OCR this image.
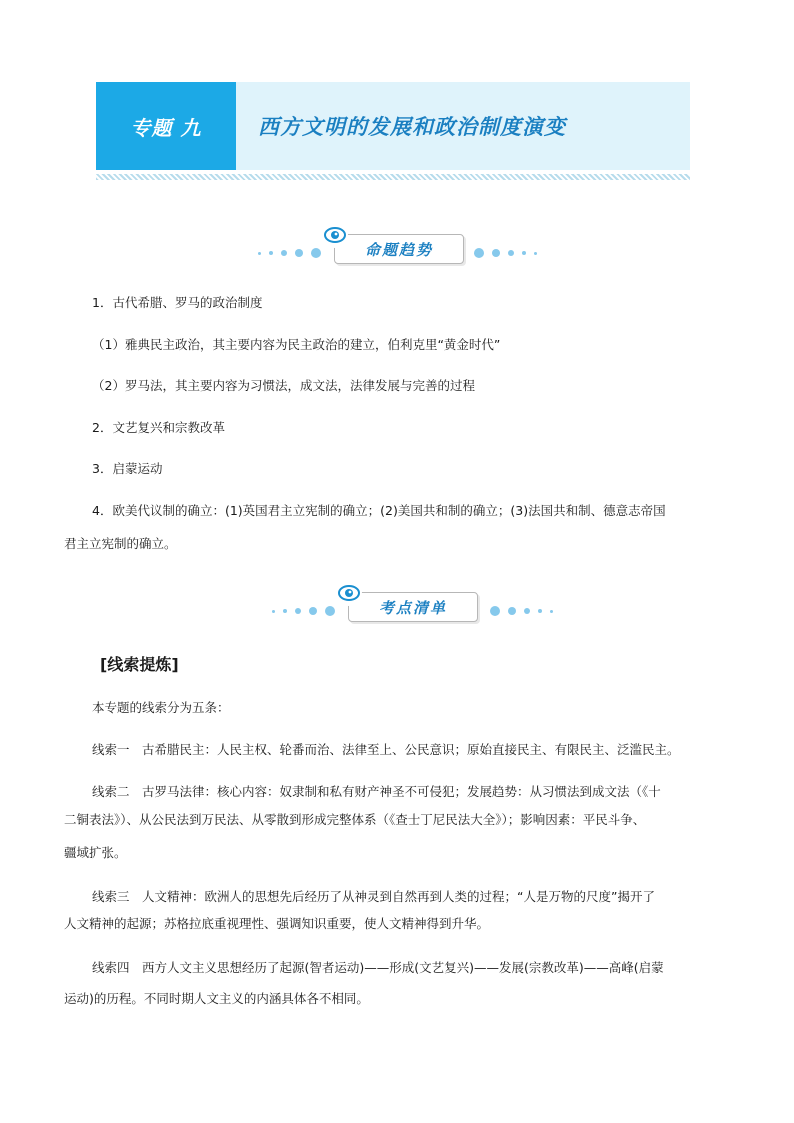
专题 九	西方文明的发展和政治制度演变
命题趋势
1．古代希腊、罗马的政治制度
（1）雅典民主政治，其主要内容为民主政治的建立，伯利克里“黄金时代”
（2）罗马法，其主要内容为习惯法，成文法，法律发展与完善的过程
2．文艺复兴和宗教改革
3．启蒙运动
4．欧美代议制的确立：(1)英国君主立宪制的确立；(2)美国共和制的确立；(3)法国共和制、德意志帝国
君主立宪制的确立。
考点清单
[线索提炼]
本专题的线索分为五条：
线索一　古希腊民主：人民主权、轮番而治、法律至上、公民意识；原始直接民主、有限民主、泛滥民主。
线索二　古罗马法律：核心内容：奴隶制和私有财产神圣不可侵犯；发展趋势：从习惯法到成文法（《十
二铜表法》）、从公民法到万民法、从零散到形成完整体系（《查士丁尼民法大全》）；影响因素：平民斗争、
疆域扩张。
线索三　人文精神：欧洲人的思想先后经历了从神灵到自然再到人类的过程；“人是万物的尺度”揭开了
人文精神的起源；苏格拉底重视理性、强调知识重要，使人文精神得到升华。
线索四　西方人文主义思想经历了起源(智者运动)——形成(文艺复兴)——发展(宗教改革)——高峰(启蒙
运动)的历程。不同时期人文主义的内涵具体各不相同。
